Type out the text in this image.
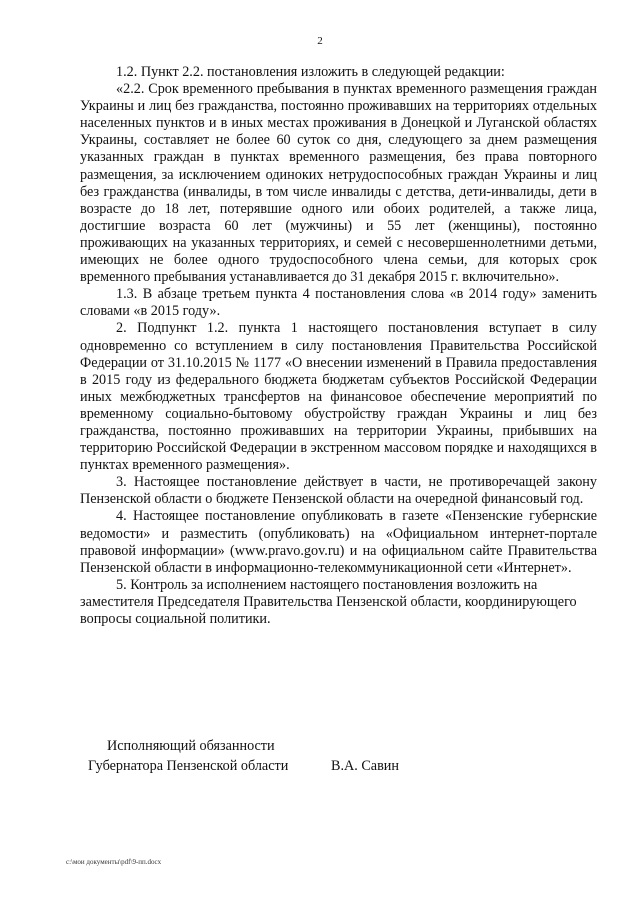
2

1.2. Пункт 2.2. постановления изложить в следующей редакции:

«2.2. Срок временного пребывания в пунктах временного размещения граждан Украины и лиц без гражданства, постоянно проживавших на территориях отдельных населенных пунктов и в иных местах проживания в Донецкой и Луганской областях Украины, составляет не более 60 суток со дня, следующего за днем размещения указанных граждан в пунктах временного размещения, без права повторного размещения, за исключением одиноких нетрудоспособных граждан Украины и лиц без гражданства (инвалиды, в том числе инвалиды с детства, дети-инвалиды, дети в возрасте до 18 лет, потерявшие одного или обоих родителей, а также лица, достигшие возраста 60 лет (мужчины) и 55 лет (женщины), постоянно проживающих на указанных территориях, и семей с несовершеннолетними детьми, имеющих не более одного трудоспособного члена семьи, для которых срок временного пребывания устанавливается до 31 декабря 2015 г. включительно».

1.3. В абзаце третьем пункта 4 постановления слова «в 2014 году» заменить словами «в 2015 году».

2. Подпункт 1.2. пункта 1 настоящего постановления вступает в силу одновременно со вступлением в силу постановления Правительства Российской Федерации от 31.10.2015 № 1177 «О внесении изменений в Правила предоставления в 2015 году из федерального бюджета бюджетам субъектов Российской Федерации иных межбюджетных трансфертов на финансовое обеспечение мероприятий по временному социально-бытовому обустройству граждан Украины и лиц без гражданства, постоянно проживавших на территории Украины, прибывших на территорию Российской Федерации в экстренном массовом порядке и находящихся в пунктах временного размещения».

3. Настоящее постановление действует в части, не противоречащей закону Пензенской области о бюджете Пензенской области на очередной финансовый год.

4. Настоящее постановление опубликовать в газете «Пензенские губернские ведомости» и разместить (опубликовать) на «Официальном интернет-портале правовой информации» (www.pravo.gov.ru) и на официальном сайте Правительства Пензенской области в информационно-телекоммуникационной сети «Интернет».

5. Контроль за исполнением настоящего постановления возложить на заместителя Председателя Правительства Пензенской области, координирующего вопросы социальной политики.

Исполняющий обязанности
Губернатора Пензенской области	В.А. Савин
c:\мои документы\pdf\9-пп.docx
